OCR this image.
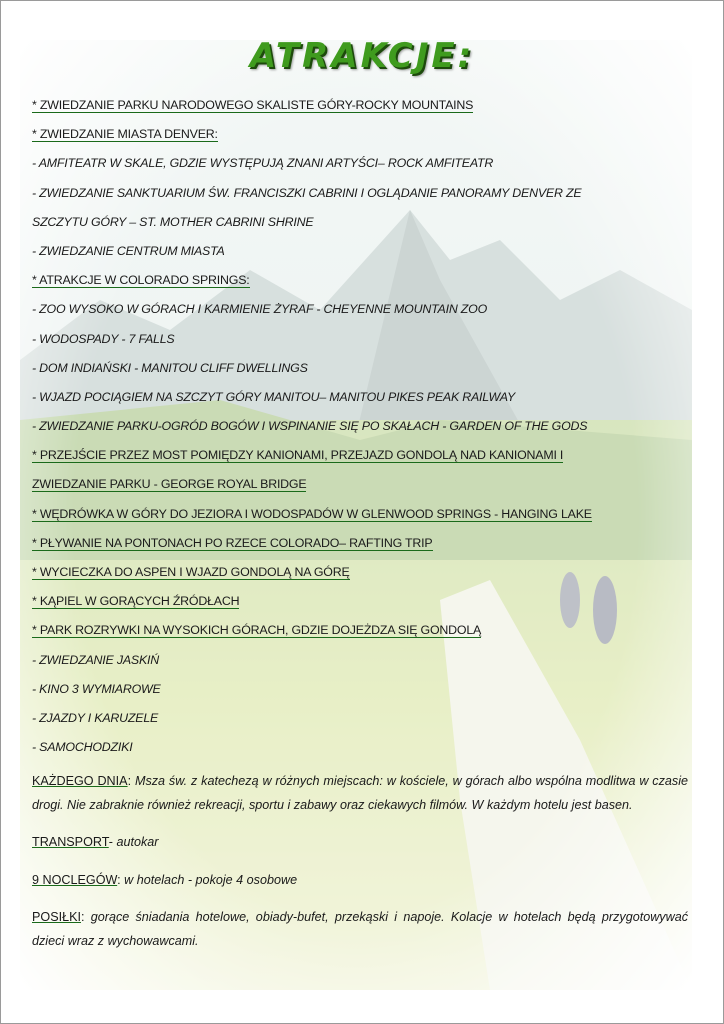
ATRAKCJE:
* ZWIEDZANIE PARKU NARODOWEGO SKALISTE GÓRY-ROCKY MOUNTAINS
* ZWIEDZANIE MIASTA DENVER:
- AMFITEATR W SKALE, GDZIE WYSTĘPUJĄ ZNANI ARTYŚCI– ROCK AMFITEATR
- ZWIEDZANIE SANKTUARIUM ŚW. FRANCISZKI CABRINI I OGLĄDANIE PANORAMY DENVER ZE
SZCZYTU GÓRY – ST. MOTHER CABRINI SHRINE
- ZWIEDZANIE CENTRUM MIASTA
* ATRAKCJE W COLORADO SPRINGS:
- ZOO WYSOKO W GÓRACH I KARMIENIE ŻYRAF - CHEYENNE MOUNTAIN ZOO
- WODOSPADY - 7 FALLS
- DOM INDIAŃSKI - MANITOU CLIFF DWELLINGS
- WJAZD POCIĄGIEM NA SZCZYT GÓRY MANITOU– MANITOU PIKES PEAK RAILWAY
- ZWIEDZANIE PARKU-OGRÓD BOGÓW I WSPINANIE SIĘ PO SKAŁACH - GARDEN OF THE GODS
* PRZEJŚCIE PRZEZ MOST POMIĘDZY KANIONAMI, PRZEJAZD GONDOLĄ NAD KANIONAMI I
ZWIEDZANIE PARKU - GEORGE ROYAL BRIDGE
* WĘDRÓWKA W GÓRY DO JEZIORA I WODOSPADÓW W GLENWOOD SPRINGS - HANGING LAKE
* PŁYWANIE NA PONTONACH PO RZECE COLORADO– RAFTING TRIP
* WYCIECZKA DO ASPEN I WJAZD GONDOLĄ NA GÓRĘ
* KĄPIEL W GORĄCYCH ŹRÓDŁACH
* PARK ROZRYWKI NA WYSOKICH GÓRACH, GDZIE DOJEŻDZA SIĘ GONDOLĄ
- ZWIEDZANIE JASKIŃ
- KINO 3 WYMIAROWE
- ZJAZDY I KARUZELE
- SAMOCHODZIKI
KAŻDEGO DNIA: Msza św. z katechezą w różnych miejscach: w kościele, w górach albo wspólna modlitwa w czasie drogi. Nie zabraknie również rekreacji, sportu i zabawy oraz ciekawych filmów. W każdym hotelu jest basen.
TRANSPORT- autokar
9 NOCLEGÓW: w hotelach - pokoje 4 osobowe
POSIŁKI: gorące śniadania hotelowe, obiady-bufet, przekąski i napoje. Kolacje w hotelach będą przygotowywać dzieci wraz z wychowawcami.
